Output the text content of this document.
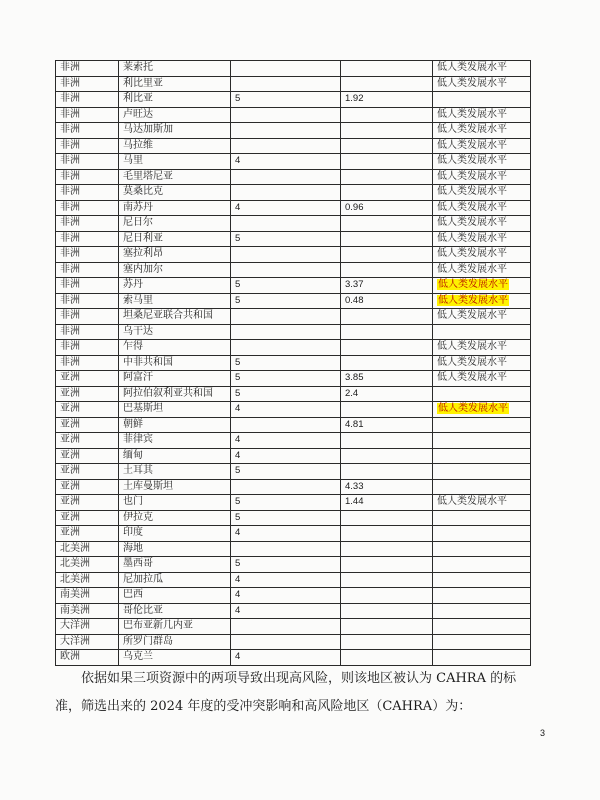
非洲	莱索托			低人类发展水平
非洲	利比里亚			低人类发展水平
非洲	利比亚	5	1.92	
非洲	卢旺达			低人类发展水平
非洲	马达加斯加			低人类发展水平
非洲	马拉维			低人类发展水平
非洲	马里	4		低人类发展水平
非洲	毛里塔尼亚			低人类发展水平
非洲	莫桑比克			低人类发展水平
非洲	南苏丹	4	0.96	低人类发展水平
非洲	尼日尔			低人类发展水平
非洲	尼日利亚	5		低人类发展水平
非洲	塞拉利昂			低人类发展水平
非洲	塞内加尔			低人类发展水平
非洲	苏丹	5	3.37	低人类发展水平
非洲	索马里	5	0.48	低人类发展水平
非洲	坦桑尼亚联合共和国			低人类发展水平
非洲	乌干达			
非洲	乍得			低人类发展水平
非洲	中非共和国	5		低人类发展水平
亚洲	阿富汗	5	3.85	低人类发展水平
亚洲	阿拉伯叙利亚共和国	5	2.4	
亚洲	巴基斯坦	4		低人类发展水平
亚洲	朝鲜		4.81	
亚洲	菲律宾	4		
亚洲	缅甸	4		
亚洲	土耳其	5		
亚洲	土库曼斯坦		4.33	
亚洲	也门	5	1.44	低人类发展水平
亚洲	伊拉克	5		
亚洲	印度	4		
北美洲	海地			
北美洲	墨西哥	5		
北美洲	尼加拉瓜	4		
南美洲	巴西	4		
南美洲	哥伦比亚	4		
大洋洲	巴布亚新几内亚			
大洋洲	所罗门群岛			
欧洲	乌克兰	4		

依据如果三项资源中的两项导致出现高风险，则该地区被认为 CAHRA 的标

准，筛选出来的 2024 年度的受冲突影响和高风险地区（CAHRA）为：

3
